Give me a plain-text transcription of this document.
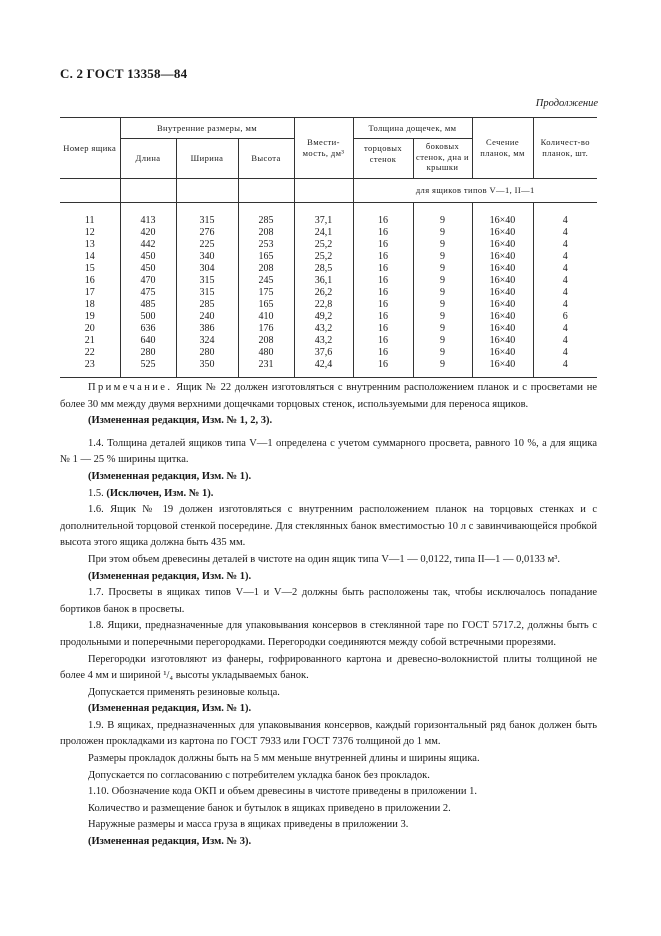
С. 2 ГОСТ 13358—84
Продолжение
Номер ящика	Внутренние размеры, мм			Вмести-мость, дм³	Толщина дощечек, мм		Сечение планок, мм	Количест-во планок, шт.
	Длина	Ширина	Высота		торцовых стенок	боковых стенок, дна и крышки		
					для ящиков типов V—1, II—1			
11	413	315	285	37,1	16	9	16×40	4
12	420	276	208	24,1	16	9	16×40	4
13	442	225	253	25,2	16	9	16×40	4
14	450	340	165	25,2	16	9	16×40	4
15	450	304	208	28,5	16	9	16×40	4
16	470	315	245	36,1	16	9	16×40	4
17	475	315	175	26,2	16	9	16×40	4
18	485	285	165	22,8	16	9	16×40	4
19	500	240	410	49,2	16	9	16×40	6
20	636	386	176	43,2	16	9	16×40	4
21	640	324	208	43,2	16	9	16×40	4
22	280	280	480	37,6	16	9	16×40	4
23	525	350	231	42,4	16	9	16×40	4

Примечание. Ящик № 22 должен изготовляться с внутренним расположением планок и с просветами не более 30 мм между двумя верхними дощечками торцовых стенок, используемыми для переноса ящиков.

(Измененная редакция, Изм. № 1, 2, 3).

1.4. Толщина деталей ящиков типа V—1 определена с учетом суммарного просвета, равного 10 %, а для ящика № 1 — 25 % ширины щитка.

(Измененная редакция, Изм. № 1).

1.5. (Исключен, Изм. № 1).

1.6. Ящик № 19 должен изготовляться с внутренним расположением планок на торцовых стенках и с дополнительной торцовой стенкой посередине. Для стеклянных банок вместимостью 10 л с завинчивающейся пробкой высота этого ящика должна быть 435 мм.

При этом объем древесины деталей в чистоте на один ящик типа V—1 — 0,0122, типа II—1 — 0,0133 м³.

(Измененная редакция, Изм. № 1).

1.7. Просветы в ящиках типов V—1 и V—2 должны быть расположены так, чтобы исключалось попадание бортиков банок в просветы.

1.8. Ящики, предназначенные для упаковывания консервов в стеклянной таре по ГОСТ 5717.2, должны быть с продольными и поперечными перегородками. Перегородки соединяются между собой встречными прорезями.

Перегородки изготовляют из фанеры, гофрированного картона и древесно-волокнистой плиты толщиной не более 4 мм и шириной ¹/₄ высоты укладываемых банок.

Допускается применять резиновые кольца.

(Измененная редакция, Изм. № 1).

1.9. В ящиках, предназначенных для упаковывания консервов, каждый горизонтальный ряд банок должен быть проложен прокладками из картона по ГОСТ 7933 или ГОСТ 7376 толщиной до 1 мм.

Размеры прокладок должны быть на 5 мм меньше внутренней длины и ширины ящика.

Допускается по согласованию с потребителем укладка банок без прокладок.

1.10. Обозначение кода ОКП и объем древесины в чистоте приведены в приложении 1.

Количество и размещение банок и бутылок в ящиках приведено в приложении 2.

Наружные размеры и масса груза в ящиках приведены в приложении 3.

(Измененная редакция, Изм. № 3).
